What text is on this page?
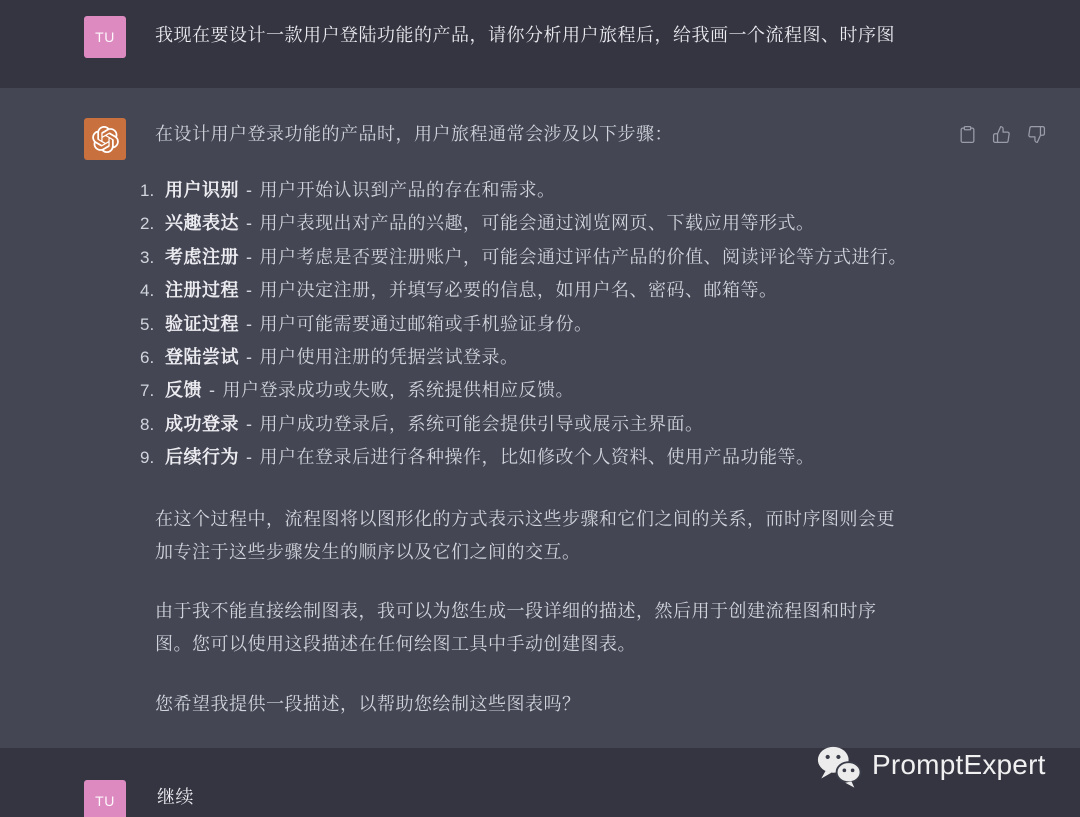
TU	我现在要设计一款用户登陆功能的产品，请你分析用户旅程后，给我画一个流程图、时序图
在设计用户登录功能的产品时，用户旅程通常会涉及以下步骤：
1. 用户识别 - 用户开始认识到产品的存在和需求。
2. 兴趣表达 - 用户表现出对产品的兴趣，可能会通过浏览网页、下载应用等形式。
3. 考虑注册 - 用户考虑是否要注册账户，可能会通过评估产品的价值、阅读评论等方式进行。
4. 注册过程 - 用户决定注册，并填写必要的信息，如用户名、密码、邮箱等。
5. 验证过程 - 用户可能需要通过邮箱或手机验证身份。
6. 登陆尝试 - 用户使用注册的凭据尝试登录。
7. 反馈 - 用户登录成功或失败，系统提供相应反馈。
8. 成功登录 - 用户成功登录后，系统可能会提供引导或展示主界面。
9. 后续行为 - 用户在登录后进行各种操作，比如修改个人资料、使用产品功能等。
在这个过程中，流程图将以图形化的方式表示这些步骤和它们之间的关系，而时序图则会更
加专注于这些步骤发生的顺序以及它们之间的交互。
由于我不能直接绘制图表，我可以为您生成一段详细的描述，然后用于创建流程图和时序
图。您可以使用这段描述在任何绘图工具中手动创建图表。
您希望我提供一段描述，以帮助您绘制这些图表吗？
TU	继续
PromptExpert
